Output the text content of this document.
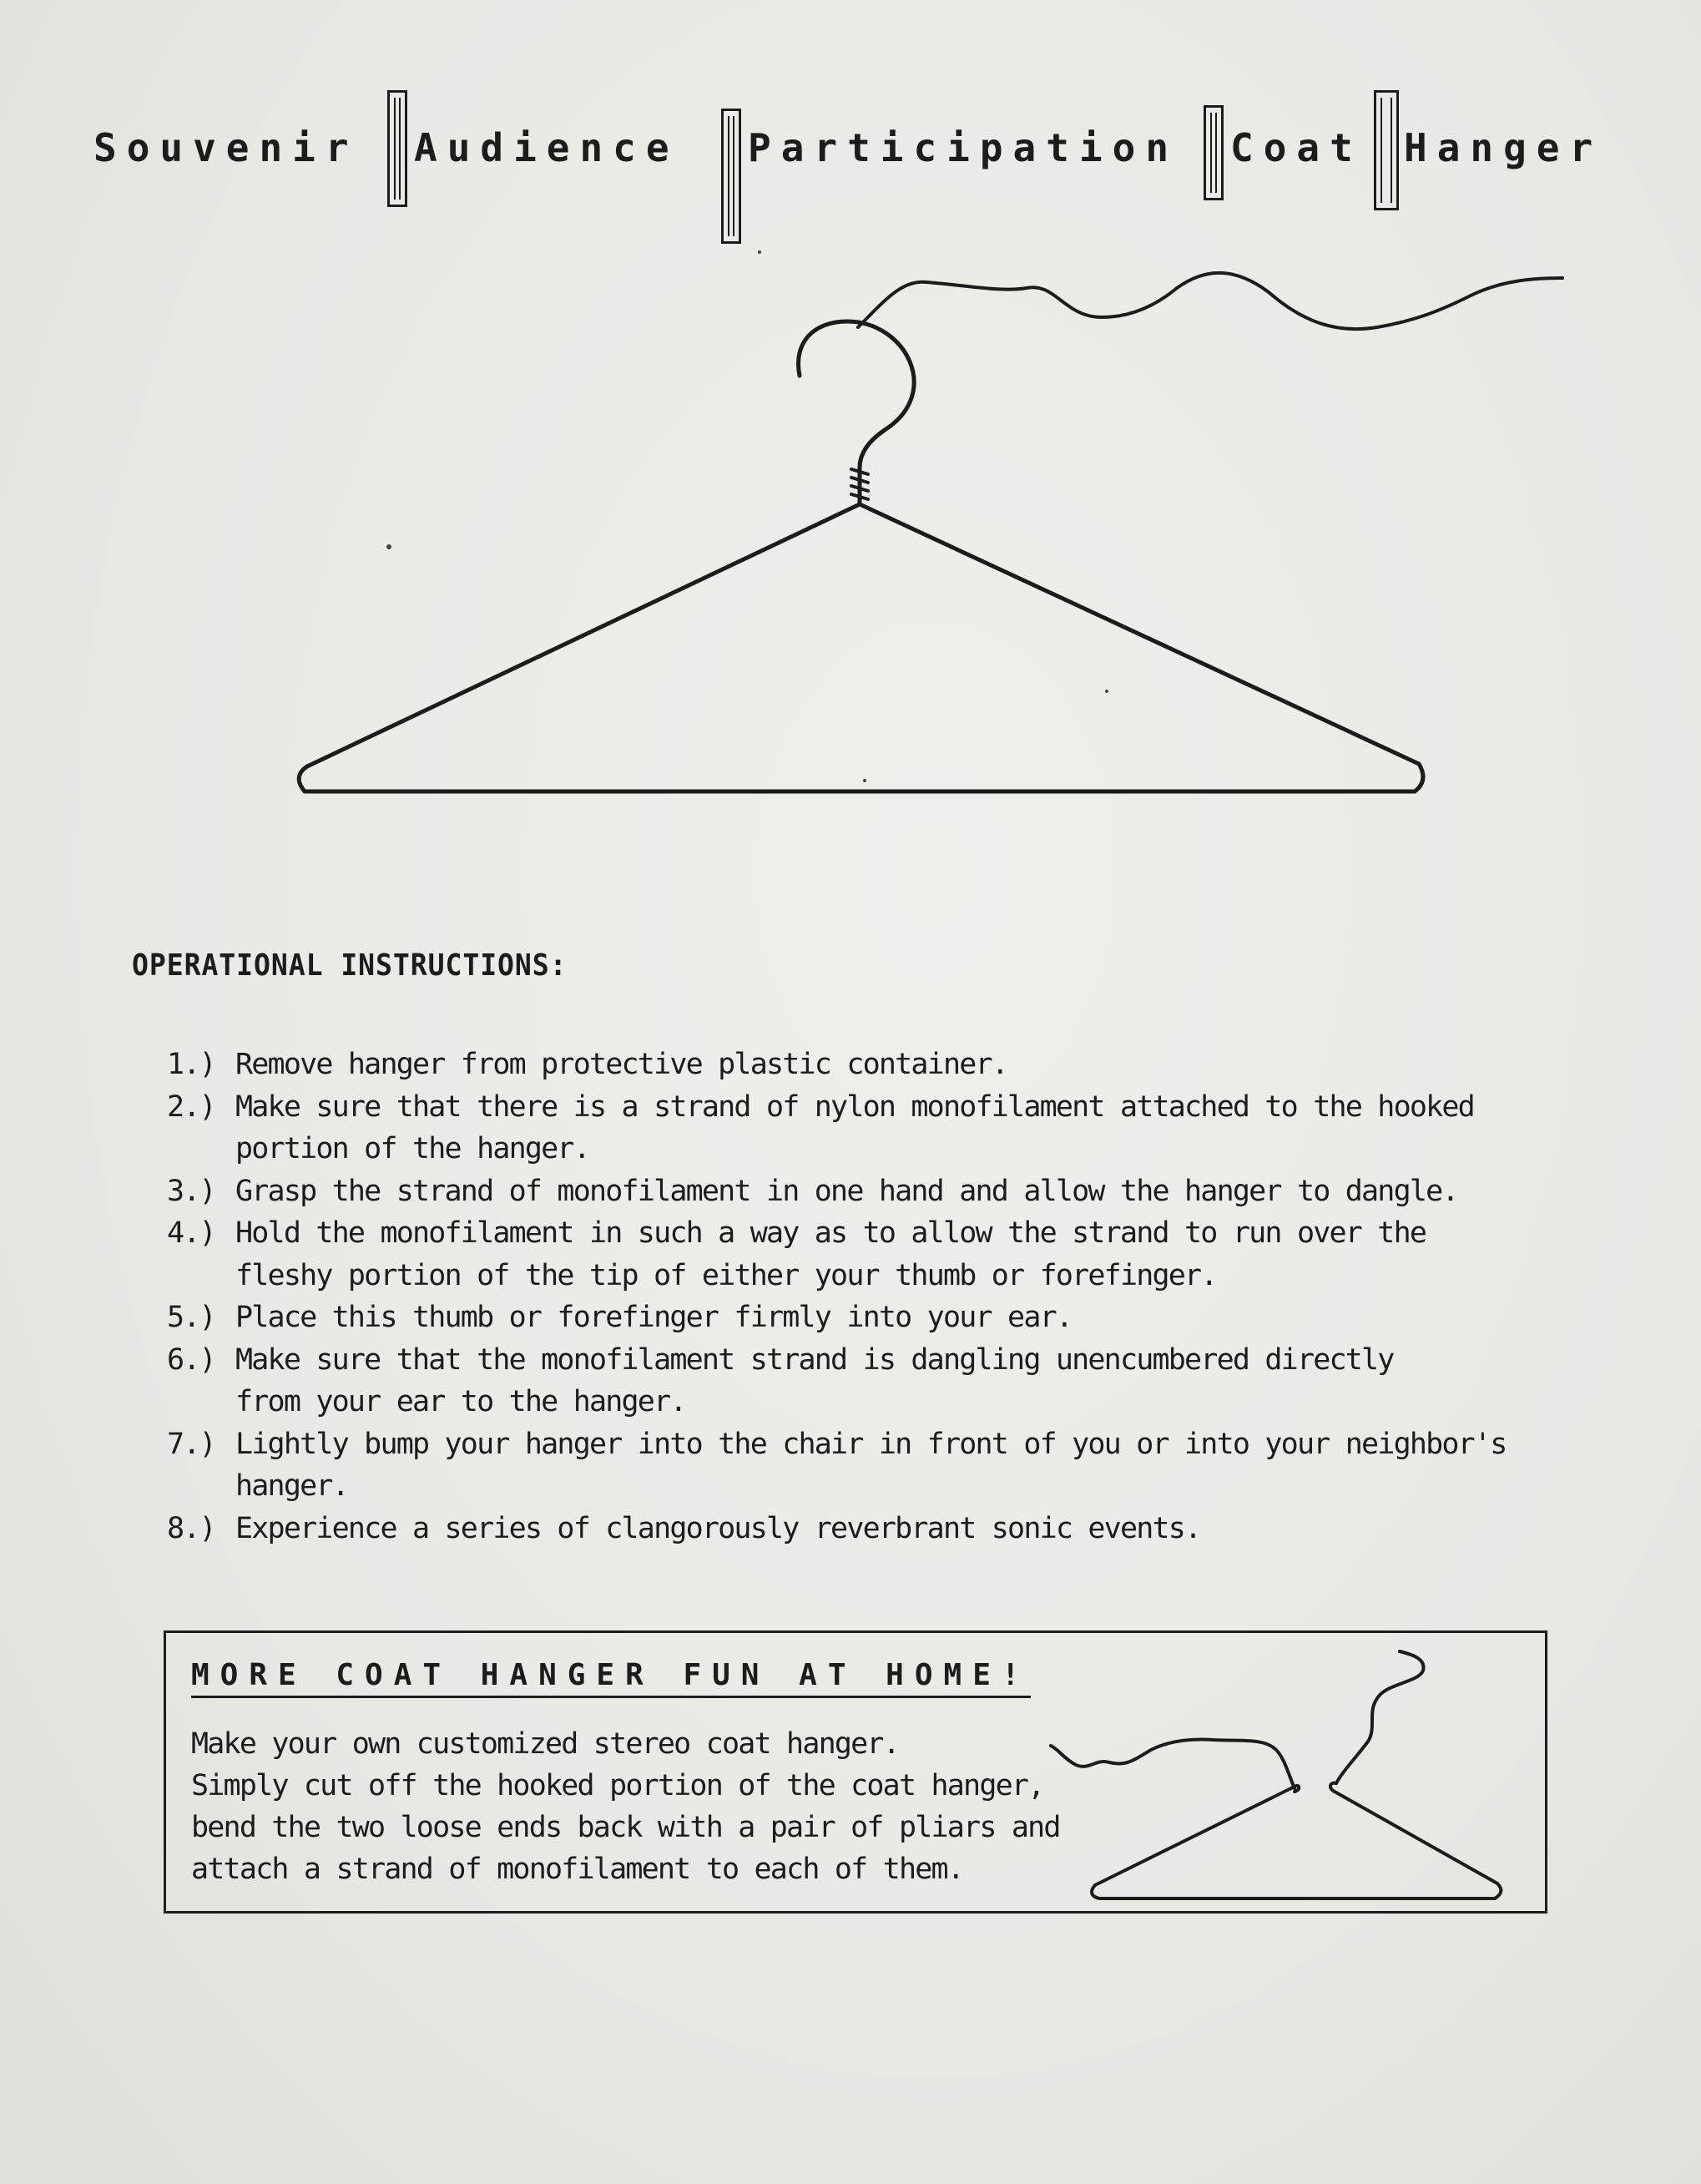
Souvenir Audience Participation Coat Hanger
OPERATIONAL INSTRUCTIONS:
1.) Remove hanger from protective plastic container.
2.) Make sure that there is a strand of nylon monofilament attached to the hooked
portion of the hanger.
3.) Grasp the strand of monofilament in one hand and allow the hanger to dangle.
4.) Hold the monofilament in such a way as to allow the strand to run over the
fleshy portion of the tip of either your thumb or forefinger.
5.) Place this thumb or forefinger firmly into your ear.
6.) Make sure that the monofilament strand is dangling unencumbered directly
from your ear to the hanger.
7.) Lightly bump your hanger into the chair in front of you or into your neighbor's
hanger.
8.) Experience a series of clangorously reverbrant sonic events.
MORE COAT HANGER FUN AT HOME!
Make your own customized stereo coat hanger.
Simply cut off the hooked portion of the coat hanger,
bend the two loose ends back with a pair of pliars and
attach a strand of monofilament to each of them.
